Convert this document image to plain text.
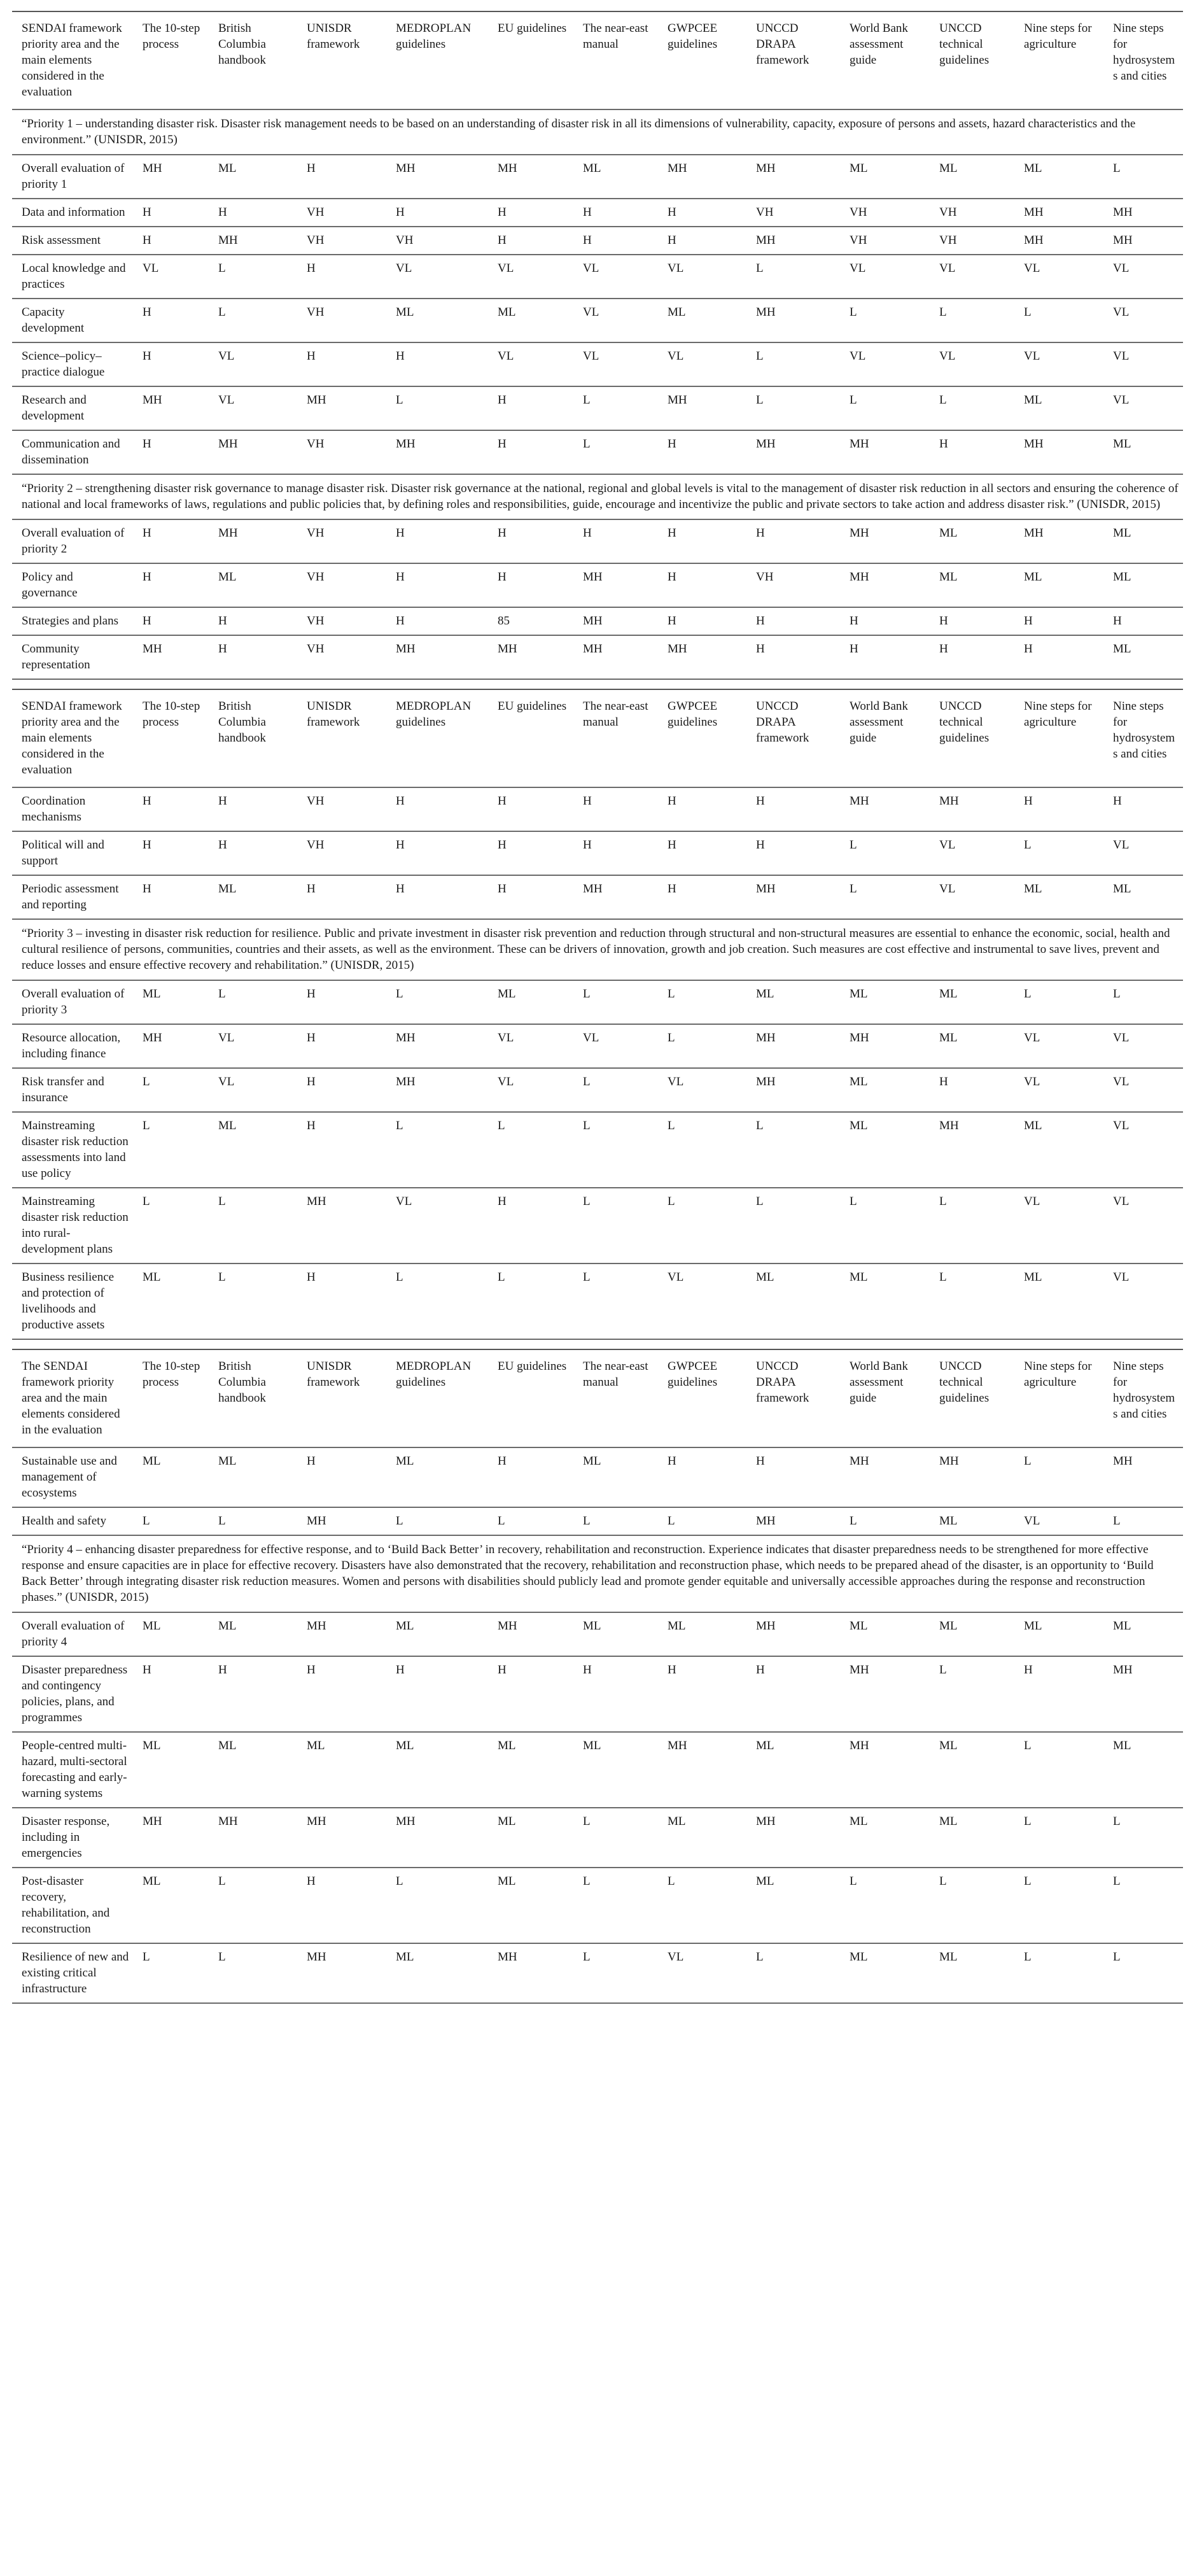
SENDAI framework priority area and the main elements considered in the evaluation	The 10-step process	British Columbia handbook	UNISDR framework	MEDROPLAN guidelines	EU guidelines	The near-east manual	GWPCEE guidelines	UNCCD DRAPA framework	World Bank assessment guide	UNCCD technical guidelines	Nine steps for agriculture	Nine steps for hydrosystems and cities
“Priority 1 – understanding disaster risk. Disaster risk management needs to be based on an understanding of disaster risk in all its dimensions of vulnerability, capacity, exposure of persons and assets, hazard characteristics and the environment.” (UNISDR, 2015)												
Overall evaluation of priority 1	MH	ML	H	MH	MH	ML	MH	MH	ML	ML	ML	L
Data and information	H	H	VH	H	H	H	H	VH	VH	VH	MH	MH
Risk assessment	H	MH	VH	VH	H	H	H	MH	VH	VH	MH	MH
Local knowledge and practices	VL	L	H	VL	VL	VL	VL	L	VL	VL	VL	VL
Capacity development	H	L	VH	ML	ML	VL	ML	MH	L	L	L	VL
Science–policy–practice dialogue	H	VL	H	H	VL	VL	VL	L	VL	VL	VL	VL
Research and development	MH	VL	MH	L	H	L	MH	L	L	L	ML	VL
Communication and dissemination	H	MH	VH	MH	H	L	H	MH	MH	H	MH	ML
“Priority 2 – strengthening disaster risk governance to manage disaster risk. Disaster risk governance at the national, regional and global levels is vital to the management of disaster risk reduction in all sectors and ensuring the coherence of national and local frameworks of laws, regulations and public policies that, by defining roles and responsibilities, guide, encourage and incentivize the public and private sectors to take action and address disaster risk.” (UNISDR, 2015)												
Overall evaluation of priority 2	H	MH	VH	H	H	H	H	H	MH	ML	MH	ML
Policy and governance	H	ML	VH	H	H	MH	H	VH	MH	ML	ML	ML
Strategies and plans	H	H	VH	H	85	MH	H	H	H	H	H	H
Community representation	MH	H	VH	MH	MH	MH	MH	H	H	H	H	ML
SENDAI framework priority area and the main elements considered in the evaluation	The 10-step process	British Columbia handbook	UNISDR framework	MEDROPLAN guidelines	EU guidelines	The near-east manual	GWPCEE guidelines	UNCCD DRAPA framework	World Bank assessment guide	UNCCD technical guidelines	Nine steps for agriculture	Nine steps for hydrosystems and cities
Coordination mechanisms	H	H	VH	H	H	H	H	H	MH	MH	H	H
Political will and support	H	H	VH	H	H	H	H	H	L	VL	L	VL
Periodic assessment and reporting	H	ML	H	H	H	MH	H	MH	L	VL	ML	ML
“Priority 3 – investing in disaster risk reduction for resilience. Public and private investment in disaster risk prevention and reduction through structural and non-structural measures are essential to enhance the economic, social, health and cultural resilience of persons, communities, countries and their assets, as well as the environment. These can be drivers of innovation, growth and job creation. Such measures are cost effective and instrumental to save lives, prevent and reduce losses and ensure effective recovery and rehabilitation.” (UNISDR, 2015)												
Overall evaluation of priority 3	ML	L	H	L	ML	L	L	ML	ML	ML	L	L
Resource allocation, including finance	MH	VL	H	MH	VL	VL	L	MH	MH	ML	VL	VL
Risk transfer and insurance	L	VL	H	MH	VL	L	VL	MH	ML	H	VL	VL
Mainstreaming disaster risk reduction assessments into land use policy	L	ML	H	L	L	L	L	L	ML	MH	ML	VL
Mainstreaming disaster risk reduction into rural-development plans	L	L	MH	VL	H	L	L	L	L	L	VL	VL
Business resilience and protection of livelihoods and productive assets	ML	L	H	L	L	L	VL	ML	ML	L	ML	VL
The SENDAI framework priority area and the main elements considered in the evaluation	The 10-step process	British Columbia handbook	UNISDR framework	MEDROPLAN guidelines	EU guidelines	The near-east manual	GWPCEE guidelines	UNCCD DRAPA framework	World Bank assessment guide	UNCCD technical guidelines	Nine steps for agriculture	Nine steps for hydrosystems and cities
Sustainable use and management of ecosystems	ML	ML	H	ML	H	ML	H	H	MH	MH	L	MH
Health and safety	L	L	MH	L	L	L	L	MH	L	ML	VL	L
“Priority 4 – enhancing disaster preparedness for effective response, and to ‘Build Back Better’ in recovery, rehabilitation and reconstruction. Experience indicates that disaster preparedness needs to be strengthened for more effective response and ensure capacities are in place for effective recovery. Disasters have also demonstrated that the recovery, rehabilitation and reconstruction phase, which needs to be prepared ahead of the disaster, is an opportunity to ‘Build Back Better’ through integrating disaster risk reduction measures. Women and persons with disabilities should publicly lead and promote gender equitable and universally accessible approaches during the response and reconstruction phases.” (UNISDR, 2015)												
Overall evaluation of priority 4	ML	ML	MH	ML	MH	ML	ML	MH	ML	ML	ML	ML
Disaster preparedness and contingency policies, plans, and programmes	H	H	H	H	H	H	H	H	MH	L	H	MH
People-centred multi-hazard, multi-sectoral forecasting and early-warning systems	ML	ML	ML	ML	ML	ML	MH	ML	MH	ML	L	ML
Disaster response, including in emergencies	MH	MH	MH	MH	ML	L	ML	MH	ML	ML	L	L
Post-disaster recovery, rehabilitation, and reconstruction	ML	L	H	L	ML	L	L	ML	L	L	L	L
Resilience of new and existing critical infrastructure	L	L	MH	ML	MH	L	VL	L	ML	ML	L	L
